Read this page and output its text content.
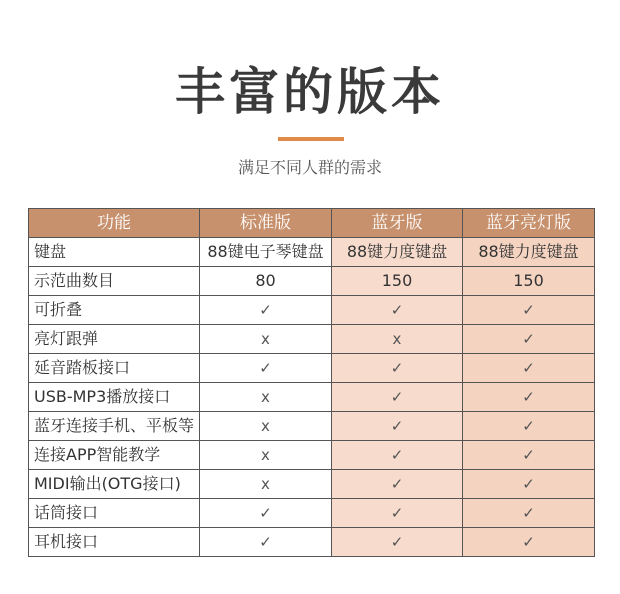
丰富的版本
满足不同人群的需求
功能	标准版	蓝牙版	蓝牙亮灯版
键盘	88键电子琴键盘	88键力度键盘	88键力度键盘
示范曲数目	80	150	150
可折叠	✓	✓	✓
亮灯跟弹	x	x	✓
延音踏板接口	✓	✓	✓
USB-MP3播放接口	x	✓	✓
蓝牙连接手机、平板等	x	✓	✓
连接APP智能教学	x	✓	✓
MIDI输出(OTG接口)	x	✓	✓
话筒接口	✓	✓	✓
耳机接口	✓	✓	✓
